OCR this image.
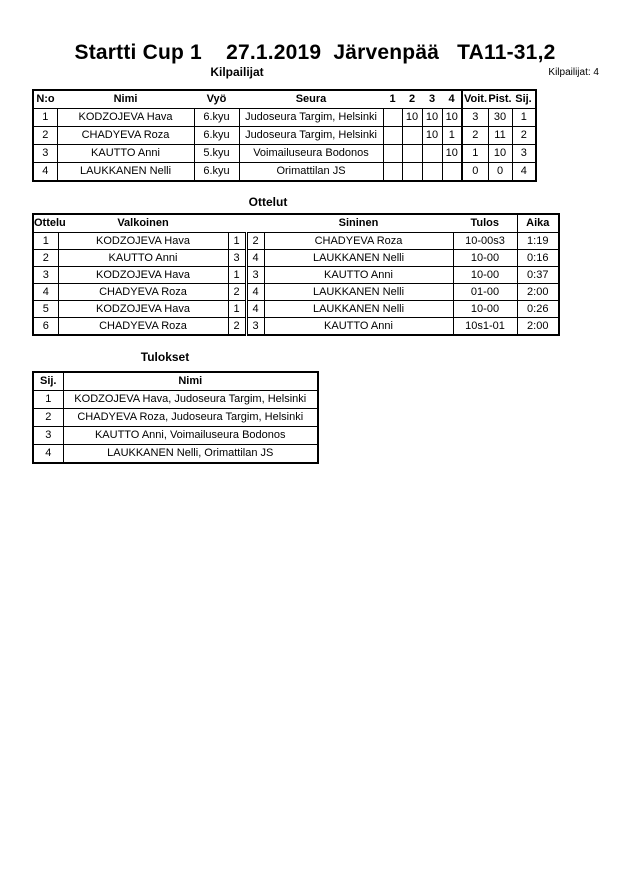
Startti Cup 1    27.1.2019  Järvenpää   TA11-31,2
Kilpailijat	Kilpailijat: 4
N:o	Nimi	Vyö	Seura	1	2	3	4	Voit.	Pist.	Sij.
1	KODZOJEVA Hava	6.kyu	Judoseura Targim, Helsinki		10	10	10	3	30	1
2	CHADYEVA Roza	6.kyu	Judoseura Targim, Helsinki			10	1	2	11	2
3	KAUTTO Anni	5.kyu	Voimailuseura Bodonos				10	1	10	3
4	LAUKKANEN Nelli	6.kyu	Orimattilan JS					0	0	4
Ottelut
Ottelu	Valkoinen			Sininen	Tulos	Aika
1	KODZOJEVA Hava	1	2	CHADYEVA Roza	10-00s3	1:19
2	KAUTTO Anni	3	4	LAUKKANEN Nelli	10-00	0:16
3	KODZOJEVA Hava	1	3	KAUTTO Anni	10-00	0:37
4	CHADYEVA Roza	2	4	LAUKKANEN Nelli	01-00	2:00
5	KODZOJEVA Hava	1	4	LAUKKANEN Nelli	10-00	0:26
6	CHADYEVA Roza	2	3	KAUTTO Anni	10s1-01	2:00
Tulokset
Sij.	Nimi
1	KODZOJEVA Hava, Judoseura Targim, Helsinki
2	CHADYEVA Roza, Judoseura Targim, Helsinki
3	KAUTTO Anni, Voimailuseura Bodonos
4	LAUKKANEN Nelli, Orimattilan JS
